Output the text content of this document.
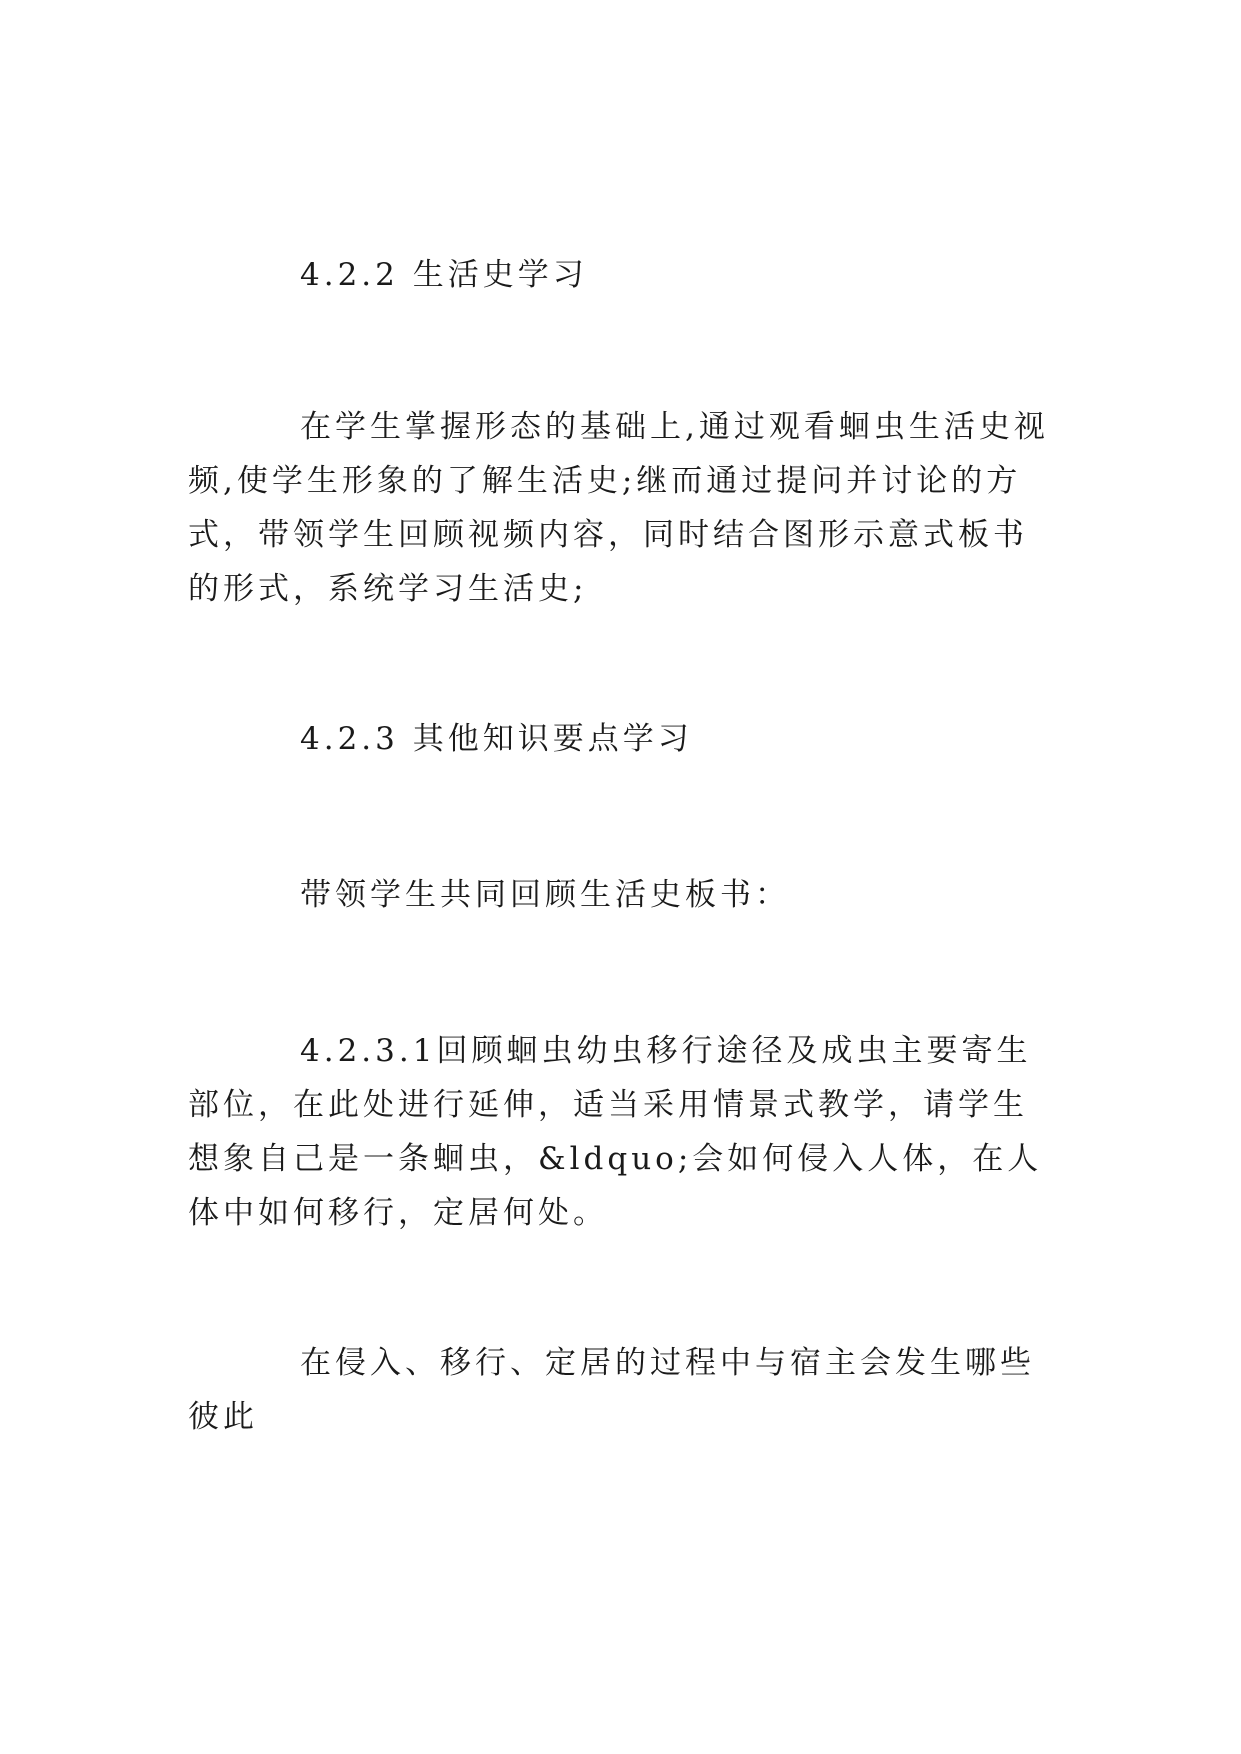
4.2.2 生活史学习

在学生掌握形态的基础上,通过观看蛔虫生活史视频,使学生形象的了解生活史;继而通过提问并讨论的方式，带领学生回顾视频内容，同时结合图形示意式板书的形式，系统学习生活史;

4.2.3 其他知识要点学习

带领学生共同回顾生活史板书：

4.2.3.1回顾蛔虫幼虫移行途径及成虫主要寄生部位，在此处进行延伸，适当采用情景式教学，请学生想象自己是一条蛔虫，&ldquo;会如何侵入人体，在人体中如何移行，定居何处。

在侵入、移行、定居的过程中与宿主会发生哪些彼此
